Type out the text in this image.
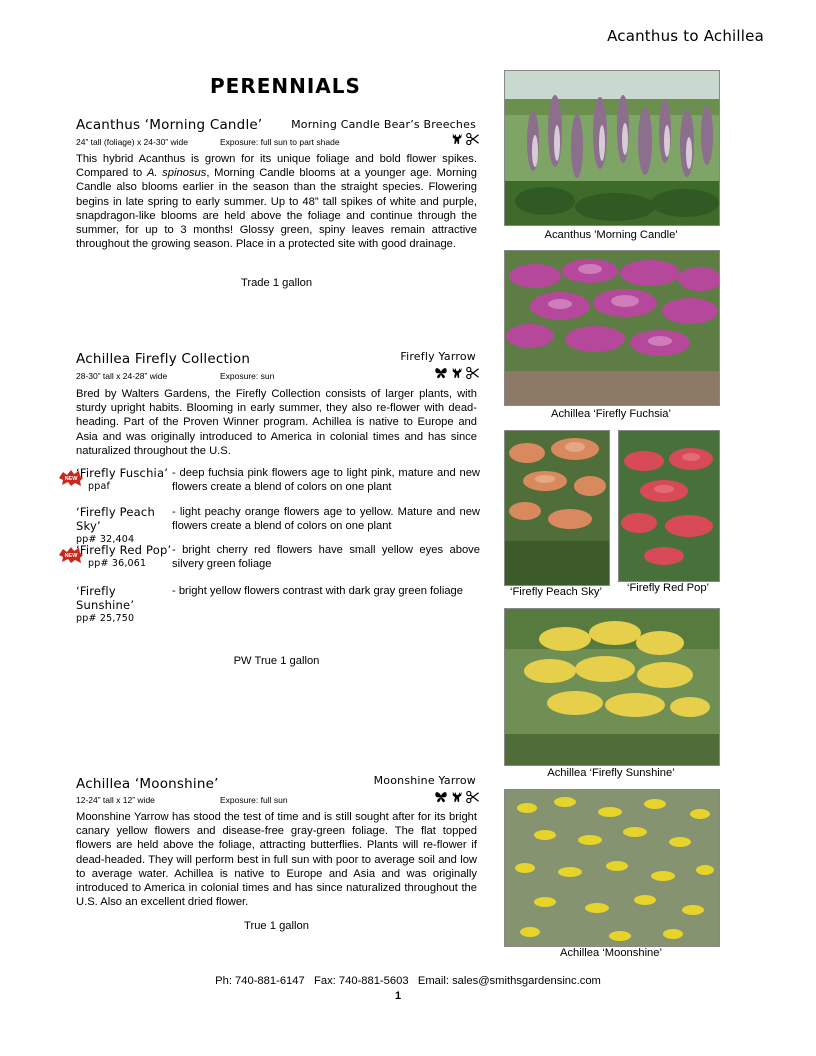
Acanthus to Achillea
PERENNIALS
Acanthus ‘Morning Candle’	Morning Candle Bear’s Breeches
24” tall (foliage) x 24-30” wide	Exposure: full sun to part shade
This hybrid Acanthus is grown for its unique foliage and bold flower spikes. Compared to A. spinosus, Morning Candle blooms at a younger age. Morning Candle also blooms earlier in the season than the straight species. Flowering begins in late spring to early summer. Up to 48” tall spikes of white and purple, snapdragon-like blooms are held above the foliage and continue through the summer, for up to 3 months! Glossy green, spiny leaves remain attractive throughout the growing season. Place in a protected site with good drainage.
Trade 1 gallon
Achillea Firefly Collection	Firefly Yarrow
28-30” tall x 24-28” wide	Exposure: sun
Bred by Walters Gardens, the Firefly Collection consists of larger plants, with sturdy upright habits. Blooming in early summer, they also re-flower with dead-heading. Part of the Proven Winner program. Achillea is native to Europe and Asia and was originally introduced to America in colonial times and has since naturalized throughout the U.S.
NEW
‘Firefly Fuschia’
ppaf
- deep fuchsia pink flowers age to light pink, mature and new flowers create a blend of colors on one plant
‘Firefly Peach Sky’
pp# 32,404
- light peachy orange flowers age to yellow. Mature and new flowers create a blend of colors on one plant
NEW
‘Firefly Red Pop’
pp# 36,061
- bright cherry red flowers have small yellow eyes above silvery green foliage
‘Firefly Sunshine’
pp# 25,750
- bright yellow flowers contrast with dark gray green foliage
PW True 1 gallon
Achillea ‘Moonshine’	Moonshine Yarrow
12-24” tall x 12” wide	Exposure: full sun
Moonshine Yarrow has stood the test of time and is still sought after for its bright canary yellow flowers and disease-free gray-green foliage. The flat topped flowers are held above the foliage, attracting butterflies. Plants will re-flower if dead-headed. They will perform best in full sun with poor to average soil and low to average water. Achillea is native to Europe and Asia and was originally introduced to America in colonial times and has since naturalized throughout the U.S. Also an excellent dried flower.
True 1 gallon
Acanthus 'Morning Candle'
Achillea ‘Firefly Fuchsia’
‘Firefly Peach Sky’	‘Firefly Red Pop’
Achillea ‘Firefly Sunshine’
Achillea ‘Moonshine’
Ph: 740-881-6147   Fax: 740-881-5603   Email: sales@smithsgardensinc.com
1
